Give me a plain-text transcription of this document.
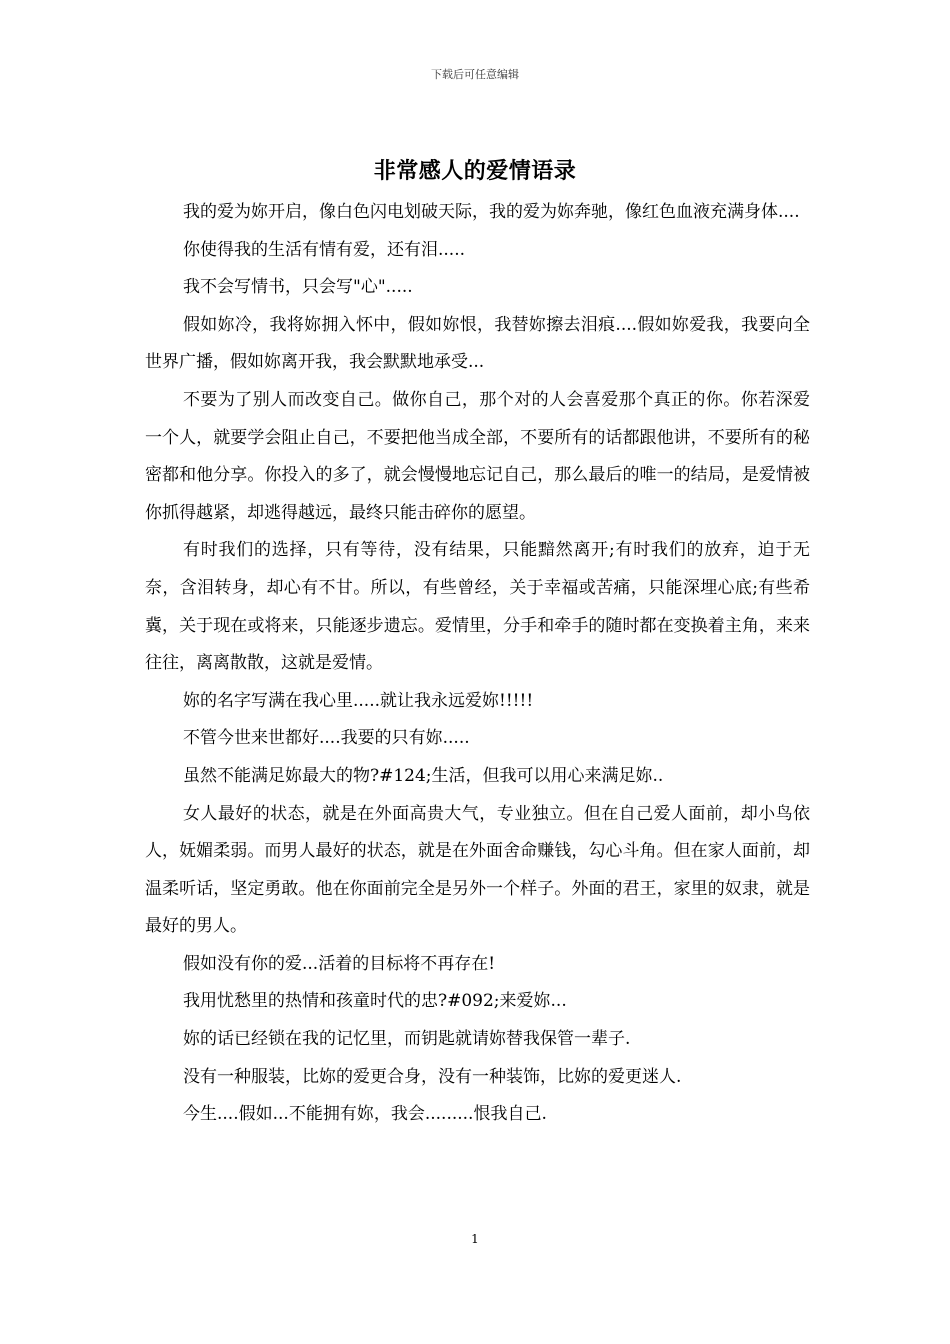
下载后可任意编辑
非常感人的爱情语录

我的爱为妳开启，像白色闪电划破天际，我的爱为妳奔驰，像红色血液充满身体....

你使得我的生活有情有爱，还有泪.....

我不会写情书，只会写"心".....

假如妳冷，我将妳拥入怀中，假如妳恨，我替妳擦去泪痕....假如妳爱我，我要向全世界广播，假如妳离开我，我会默默地承受...

不要为了别人而改变自己。做你自己，那个对的人会喜爱那个真正的你。你若深爱一个人，就要学会阻止自己，不要把他当成全部，不要所有的话都跟他讲，不要所有的秘密都和他分享。你投入的多了，就会慢慢地忘记自己，那么最后的唯一的结局，是爱情被你抓得越紧，却逃得越远，最终只能击碎你的愿望。

有时我们的选择，只有等待，没有结果，只能黯然离开;有时我们的放弃，迫于无奈，含泪转身，却心有不甘。所以，有些曾经，关于幸福或苦痛，只能深埋心底;有些希冀，关于现在或将来，只能逐步遗忘。爱情里，分手和牵手的随时都在变换着主角，来来往往，离离散散，这就是爱情。

妳的名字写满在我心里.....就让我永远爱妳!!!!!

不管今世来世都好....我要的只有妳.....

虽然不能满足妳最大的物?#124;生活，但我可以用心来满足妳..

女人最好的状态，就是在外面高贵大气，专业独立。但在自己爱人面前，却小鸟依人，妩媚柔弱。而男人最好的状态，就是在外面舍命赚钱，勾心斗角。但在家人面前，却温柔听话，坚定勇敢。他在你面前完全是另外一个样子。外面的君王，家里的奴隶，就是最好的男人。

假如没有你的爱...活着的目标将不再存在!

我用忧愁里的热情和孩童时代的忠?#092;来爱妳...

妳的话已经锁在我的记忆里，而钥匙就请妳替我保管一辈子.

没有一种服装，比妳的爱更合身，没有一种装饰，比妳的爱更迷人.

今生....假如...不能拥有妳，我会.........恨我自己.

1
